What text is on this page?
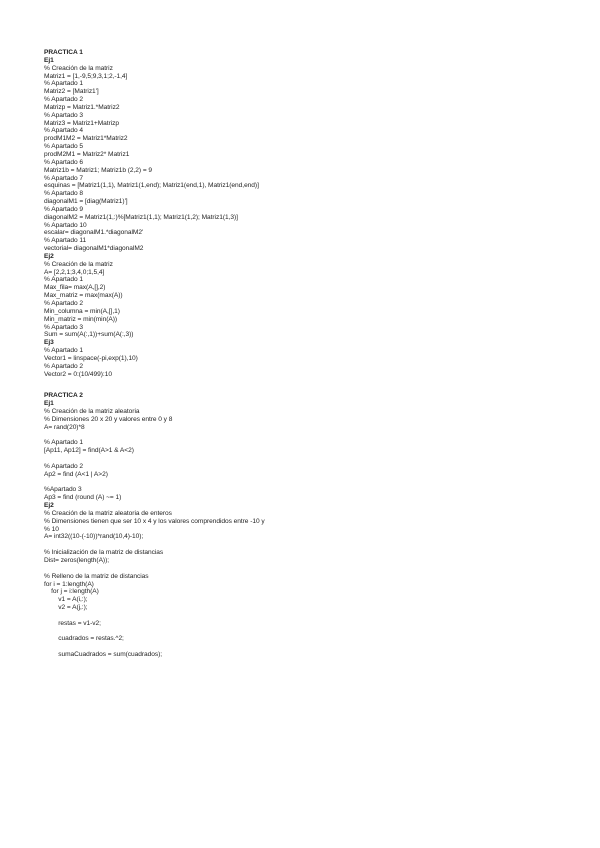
PRACTICA 1
Ej1
% Creación de la matriz
Matriz1 = [1,-9,5;9,3,1;2,-1,4]
% Apartado 1
Matriz2 = [Matriz1']
% Apartado 2
Matrizp = Matriz1.*Matriz2
% Apartado 3
Matriz3 = Matriz1+Matrizp
% Apartado 4
prodM1M2 = Matriz1*Matriz2
% Apartado 5
prodM2M1 = Matriz2* Matriz1
% Apartado 6
Matriz1b = Matriz1; Matriz1b (2,2) = 9
% Apartado 7
esquinas = [Matriz1(1,1), Matriz1(1,end); Matriz1(end,1), Matriz1(end,end)]
% Apartado 8
diagonalM1 = [diag(Matriz1)']
% Apartado 9
diagonalM2 = Matriz1(1,:)%[Matriz1(1,1); Matriz1(1,2); Matriz1(1,3)]
% Apartado 10
escalar= diagonalM1.*diagonalM2'
% Apartado 11
vectorial= diagonalM1*diagonalM2
Ej2
% Creación de la matriz
A= [2,2,1;3,4,0;1,5,4]
% Apartado 1
Max_fila= max(A,[],2)
Max_matriz = max(max(A))
% Apartado 2
Min_columna = min(A,[],1)
Min_matriz = min(min(A))
% Apartado 3
Sum = sum(A(:,1))+sum(A(:,3))
Ej3
% Apartado 1
Vector1 = linspace(-pi,exp(1),10)
% Apartado 2
Vector2 = 0:(10/499):10
PRACTICA 2
Ej1
% Creación de la matriz aleatoria
% Dimensiones 20 x 20 y valores entre 0 y 8
A= rand(20)*8
% Apartado 1
[Ap11, Ap12] = find(A>1 & A<2)
% Apartado 2
Ap2 = find (A<1 | A>2)
%Apartado 3
Ap3 = find (round (A) ~= 1)
Ej2
% Creación de la matriz aleatoria de enteros
% Dimensiones tienen que ser 10 x 4 y los valores comprendidos entre -10 y
% 10
A= int32((10-(-10))*rand(10,4)-10);
% Inicialización de la matriz de distancias
Dist= zeros(length(A));
% Relleno de la matriz de distancias
for i = 1:length(A)
for j = i:length(A)
v1 = A(i,:);
v2 = A(j,:);
restas = v1-v2;
cuadrados = restas.^2;
sumaCuadrados = sum(cuadrados);
